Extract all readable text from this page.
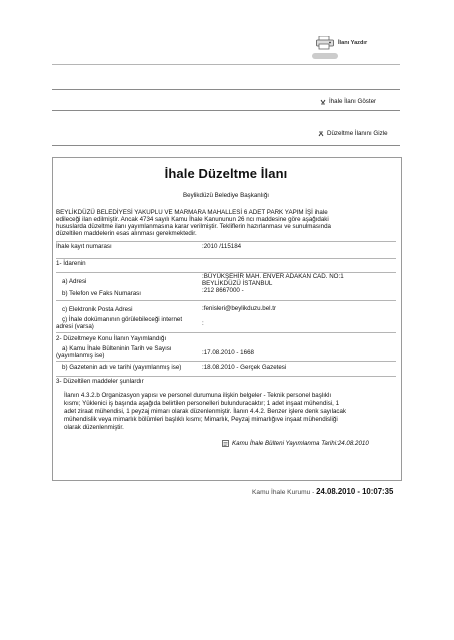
İlanı Yazdır
İhale İlanı Göster
Düzeltme İlanını Gizle
İhale Düzeltme İlanı
Beylikdüzü Belediye Başkanlığı
BEYLİKDÜZÜ BELEDİYESİ YAKUPLU VE MARMARA MAHALLESİ 6 ADET PARK YAPIM İŞİ ihale
edileceği ilan edilmiştir. Ancak 4734 sayılı Kamu İhale Kanununun 26 ncı maddesine göre aşağıdaki
hususlarda düzeltme ilanı yayımlanmasına karar verilmiştir. Tekliflerin hazırlanması ve sunulmasında
düzeltilen maddelerin esas alınması gerekmektedir.
İhale kayıt numarası	:2010 /115184
1- İdarenin
a) Adresi
:BÜYÜKŞEHİR MAH. ENVER ADAKAN CAD. NO:1
BEYLİKDÜZÜ İSTANBUL
b) Telefon ve Faks Numarası	:212 8667000 -
c) Elektronik Posta Adresi	:fenisleri@beylikduzu.bel.tr
ç) İhale dokümanının görülebileceği internet
adresi (varsa)	:
2- Düzeltmeye Konu İlanın Yayımlandığı
a) Kamu İhale Bülteninin Tarih ve Sayısı
(yayımlanmış ise)	:17.08.2010 - 1668
b) Gazetenin adı ve tarihi (yayımlanmış ise)	:18.08.2010 - Gerçek Gazetesi
3- Düzeltilen maddeler şunlardır
İlanın 4.3.2.b Organizasyon yapısı ve personel durumuna ilişkin belgeler - Teknik personel başlıklı
kısmı; Yüklenici iş başında aşağıda belirtilen personelleri bulunduracaktır; 1 adet inşaat mühendisi, 1
adet ziraat mühendisi, 1 peyzaj mimarı olarak düzenlenmiştir. İlanın 4.4.2. Benzer işlere denk sayılacak
mühendislik veya mimarlık bölümleri başlıklı kısmı; Mimarlık, Peyzaj mimarlığıve inşaat mühendisliği
olarak düzenlenmiştir.
Kamu İhale Bülteni Yayımlanma Tarihi:24.08.2010
Kamu İhale Kurumu - 24.08.2010 - 10:07:35
